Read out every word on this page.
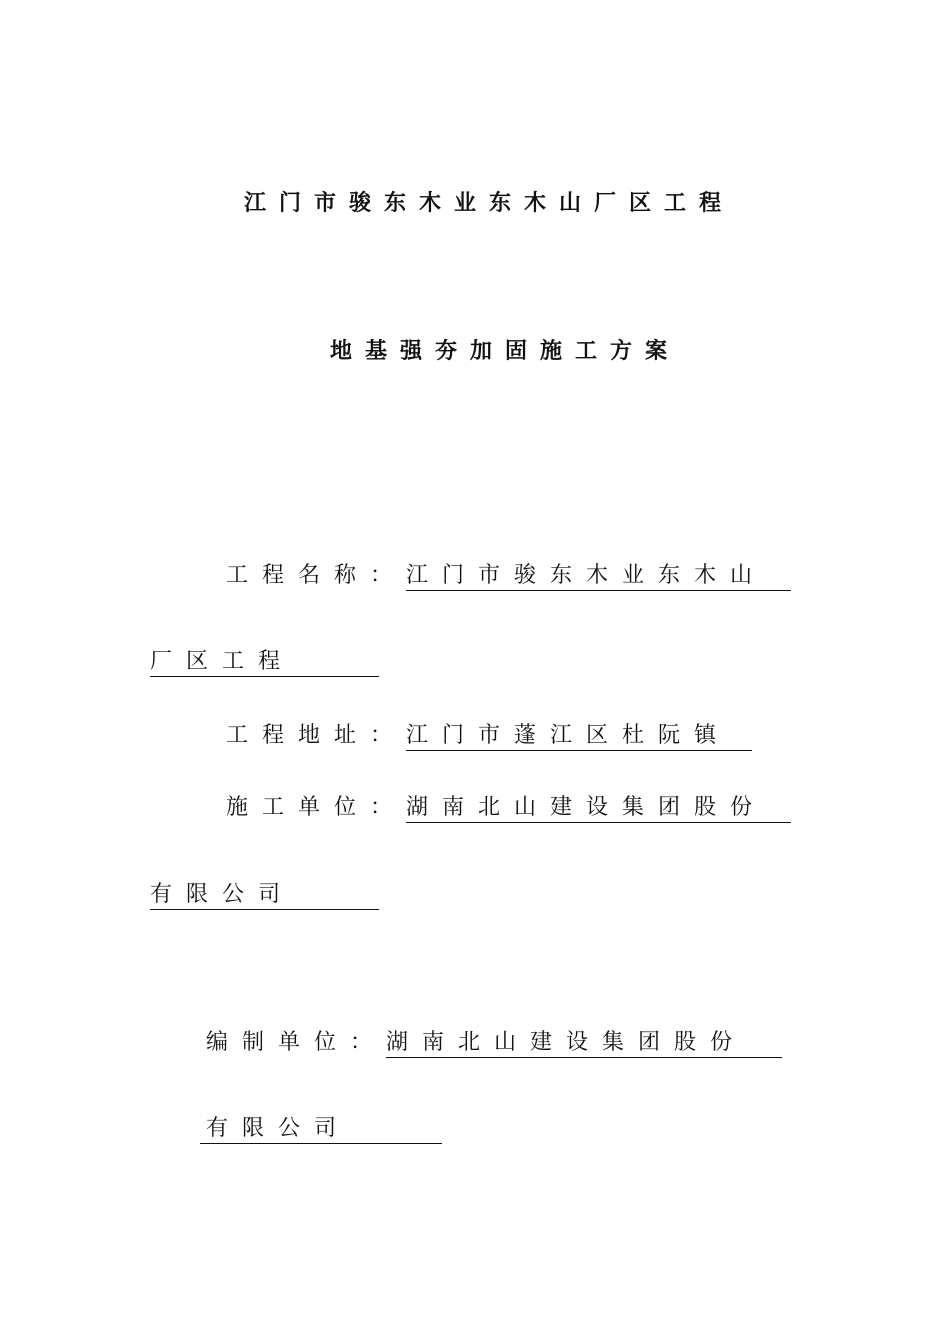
江门市骏东木业东木山厂区工程
地基强夯加固施工方案
工程名称：江门市骏东木业东木山
厂区工程
工程地址：江门市蓬江区杜阮镇
施工单位：湖南北山建设集团股份
有限公司
编制单位：湖南北山建设集团股份
有限公司
